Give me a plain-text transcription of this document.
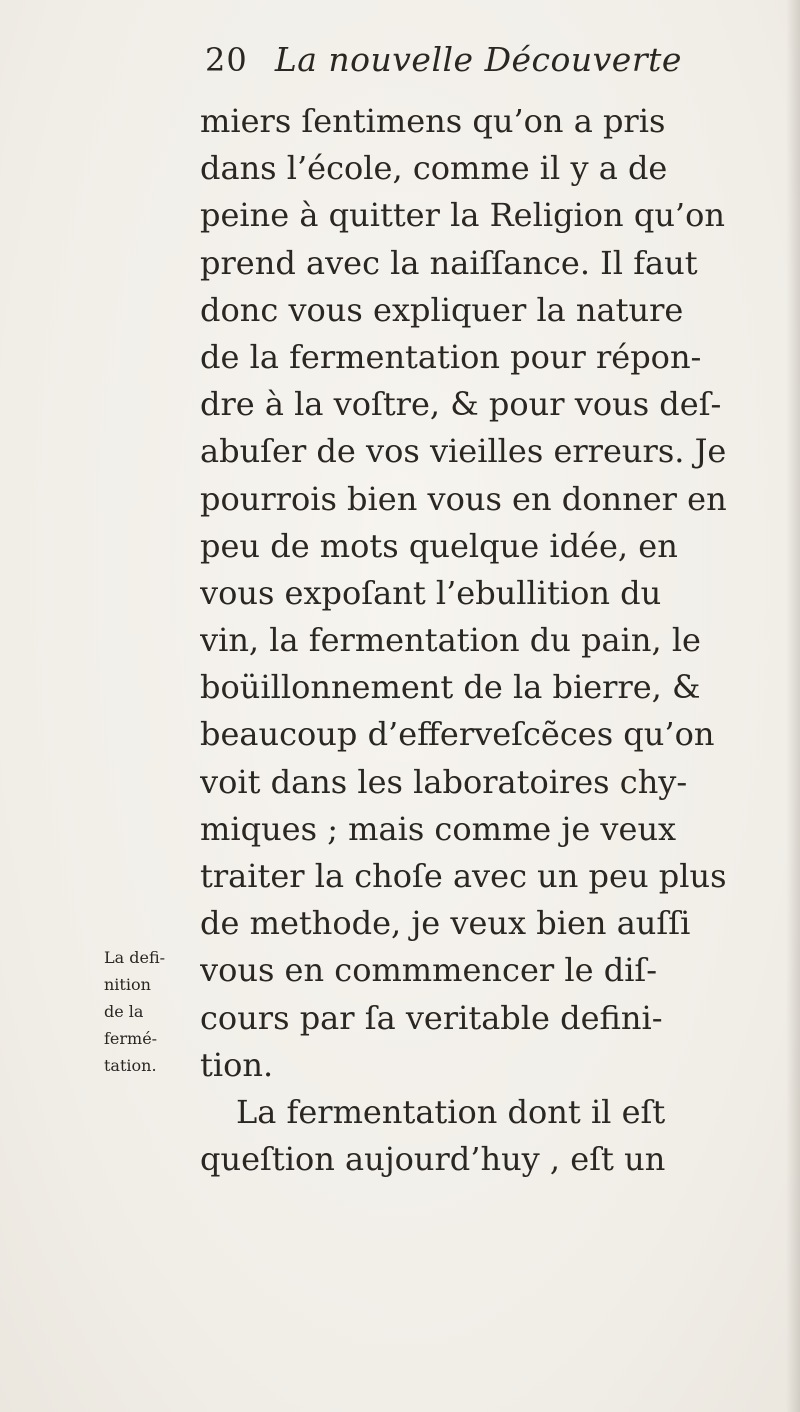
20 La nouvelle Découverte
miers ſentimens qu’on a pris
dans l’école, comme il y a de
peine à quitter la Religion qu’on
prend avec la naiſſance. Il faut
donc vous expliquer la nature
de la fermentation pour répon-
dre à la voſtre, & pour vous deſ-
abuſer de vos vieilles erreurs. Je
pourrois bien vous en donner en
peu de mots quelque idée, en
vous expoſant l’ebullition du
vin, la fermentation du pain, le
boüillonnement de la bierre, &
beaucoup d’efferveſcẽces qu’on
voit dans les laboratoires chy-
miques ; mais comme je veux
traiter la choſe avec un peu plus
de methode, je veux bien auſſi
vous en commmencer le diſ-
cours par ſa veritable defini-
tion.
La fermentation dont il eſt
queſtion aujourd’huy , eſt un
La defi-
nition
de la
fermé-
tation.
